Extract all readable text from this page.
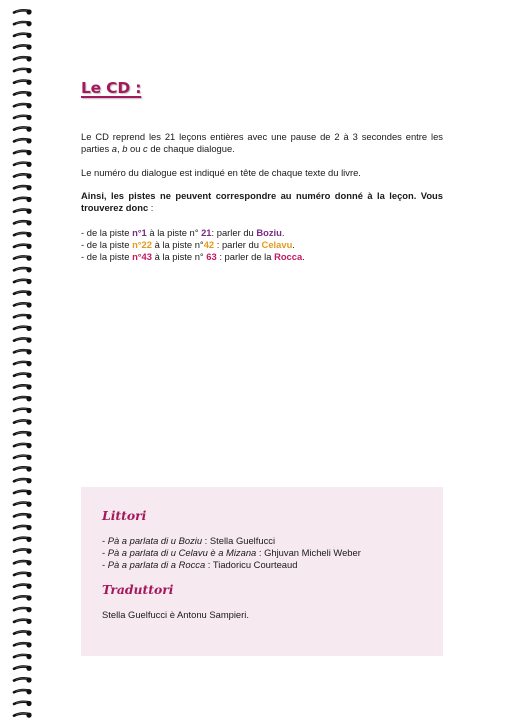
Le CD :
Le CD reprend les 21 leçons entières avec une pause de 2 à 3 secondes entre les parties a, b ou c de chaque dialogue.
Le numéro du dialogue est indiqué en tête de chaque texte du livre.
Ainsi, les pistes ne peuvent correspondre au numéro donné à la leçon. Vous trouverez donc :
- de la piste n°1 à la piste n° 21: parler du Boziu.
- de la piste n°22 à la piste n°42 : parler du Celavu.
- de la piste n°43 à la piste n° 63 : parler de la Rocca.
Littori
- Pà a parlata di u Boziu : Stella Guelfucci
- Pà a parlata di u Celavu è a Mizana : Ghjuvan Micheli Weber
- Pà a parlata di a Rocca : Tiadoricu Courteaud
Traduttori
Stella Guelfucci è Antonu Sampieri.
